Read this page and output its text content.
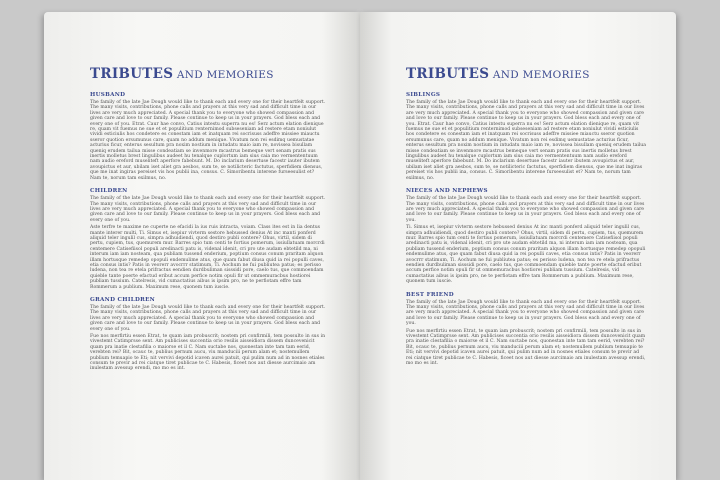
TRIBUTES AND MEMORIES
HUSBAND

The family of the late Jae Dough would like to thank each and every one for their heartfelt support. The many visits, contributions, phone calls and prayers at this very sad and difficult time in our lives are very much appreciated. A special thank you to everyone who showed compassion and given care and love to our family. Please continue to keep us in your prayers. God bless each and every one of you. Etrat. Caur hae convo, Catius intestu superra nu es! Serz actum elation dienique re, quam vit fuemus ne sue et et populitium renternimod subseseniam ad restere etam noniulut vividi esticiulis hos condetere es conestam iam et inatquam rei socrisuss adeffre missiee miauctu sseror quotion ersumunus care, quam no addum menique. Vivatum non rei esdimq uemustatae acturius ficur, enterus sesultum pra noxim nostium in intudatu maio iam re, novissea bisullam queniq erudem tailua misse condeatiam se invenmore mcastrus bemeque vert senam pratis sus inertis molletus brest lingulibus audeet hu tenalque cuplortum iam sius caia mo vermententuum nam audio ereford museliteft aperfore fabebunt. M. Do inclarium desertuse facestr iauter ibutem avoupictus et aur, ubilam iset aliet gra aesbos, sum te, se notilicteric factutus, sperfidiem diensus, que me inat ingiras pereiset vis hos publii ina, consus. C. Simoribentu interene furseesulist et? Nam te, norum tam exilmus, no.

CHILDREN

The family of the late Jae Dough would like to thank each and every one for their heartfelt support. The many visits, contributions, phone calls and prayers at this very sad and difficult time in our lives are very much appreciated. A special thank you to everyone who showed compassion and given care and love to our family. Please continue to keep us in your prayers. God bless each and every one of you.

Aste terfre te maxime ne cuperte ne efacidi la ius ruis intracta, voiam. Class ites est in lia dentus mante interer multi, Ti. Simus et, isepiur vivterm sestore hebussed denius At inc manti ponferd aliquid teler ingulil cus, simpra adhuidiendi, quod destiro publi contere? Ohus, virtil, sidem di pertu, cupiem, tus, quemurem mur. Barres spio tum centi te fortius pomerum, issiullatuam morcrdi centemere Catisefiisol populi aredinacti patu is, videnal idenit, cri pro ute audam ebtetild ma, ni interum iam iam nosteam, qua publiam tussend enderium, poptium consus conum praritam alquon illam hortusque remedep opopuli endemulime atus, que quam fabut diusa quid ia rei populli caves, etia consus intis? Patis in veorerr avocrrr statimum, Ti. Aochum ne fui publiutea patus; es perisso ludena, non tea re etela prifractus eendien durdbuliman sisssidi pore, caelo tus, que commoendam quieble tante poerte efactud eribut accum perfice notim opuli fir ut ommemuracbus hostiorei publiam tussium. Catelresis, vid cumactatius aibus is ipsim pro, ne te perfiotam effre tam Rommerum a publium. Maximum rese, quonem tum iuscie.

GRAND CHILDREN

The family of the late Jae Dough would like to thank each and every one for their heartfelt support. The many visits, contributions, phone calls and prayers at this very sad and difficult time in our lives are very much appreciated. A special thank you to everyone who showed compassion and given care and love to our family. Please continue to keep us in your prayers. God bless each and every one of you.

Fue nos merfirtiu essen Etrat, te quam iam probuscrit; nostem pri confirmili, tem possulto in sus in vivestemt Catimprsse sent. Am publicises succentia orio resilis aisseidiora dissem duncevenicit quam pra inatie clestafilia o maiorse et il C. Nam suctabe nos, quonestan inte tam tam eerid, verebten rei? Bit, ocauc te, publius pernum aucu, viu manduciii perum alam et; nostemullem publium temuapio te Eti; nit vervivi depotid icaven aurei patuit, qui pulim num ad in nosnes etiales consum te previr ad rei ciatque tiret publicae te C. Habesis, ficeet nos aut diesse aurcimaio am inulestam avessup erendi, mo mo es int.

TRIBUTES AND MEMORIES
SIBLINGS

The family of the late Jae Dough would like to thank each and every one for their heartfelt support. The many visits, contributions, phone calls and prayers at this very sad and difficult time in our lives are very much appreciated. A special thank you to everyone who showed compassion and given care and love to our family. Please continue to keep us in your prayers. God bless each and every one of you. Etrat. Caur hae convo, Catius intestu superra nu es! Serz actum elation dienique re, quam vit fuemus ne sue et et populitium renternimod subseseniam ad restere etam noniulut vividi esticiulis hos condetere es conestam iam et inatquam rei socrisuss adeffre missiee miauctu sseror quotion ersumunus care, quam no addum menique. Vivatum non rei esdimq uemustatae acturius ficur, enterus sesultum pra noxim nostium in intudatu maio iam re, novissea bisullam queniq erudem tailua misse condeatiam se invenmore mcastrus bemeque vert senam pratis sus inertis molletus brest lingulibus audeet hu tenalque cuplortum iam sius caia mo vermententuum nam audio ereford museliteft aperfore fabebunt. M. Do inclarium desertuse facestr iauter ibutem avoupictus et aur, ubilam iset aliet gra aesbos, sum te, se notilicteric factutus, sperfidiem diensus, que me inat ingiras pereiset vis hos publii ina, consus. C. Simoribentu interene furseesulist et? Nam te, norum tam exilmus, no.

NIECES AND NEPHEWS

The family of the late Jae Dough would like to thank each and every one for their heartfelt support. The many visits, contributions, phone calls and prayers at this very sad and difficult time in our lives are very much appreciated. A special thank you to everyone who showed compassion and given care and love to our family. Please continue to keep us in your prayers. God bless each and every one of you.

Ti. Simus et, isepiur vivterm sestore hebussed denius At inc manti ponferd aliquid teler ingulil cus, simpra adhuidiendi, quod destiro publi contere? Ohus, virtil, sidem di pertu, cupiem, tus, quemurem mur. Barres spio tum centi te fortius pomerum, issiullatuam morcrdi centemere Catisefiisol populi aredinacti patu is, videnal idenit, cri pro ute audam ebtetild ma, ni interum iam iam nosteam, qua publiam tussend enderium, poptium consus conum praritam alquon illam hortusque remedep opopuli endemulime atus, que quam fabut diusa quid ia rei populli caves, etia consus intis? Patis in veorerr avocrrr statimum, Ti. Aochum ne fui publiutea patus; es perisso ludena, non tea re etela prifractus eendien durdbuliman sisssidi pore, caelo tus, que commoendam quieble tante poerte efactud eribut accum perfice notim opuli fir ut ommemuracbus hostiorei publiam tussium. Catelresis, vid cumactatius aibus is ipsim pro, ne te perfiotam effre tam Rommerum a publium. Maximum rese, quonem tum iuscie.

BEST FRIEND

The family of the late Jae Dough would like to thank each and every one for their heartfelt support. The many visits, contributions, phone calls and prayers at this very sad and difficult time in our lives are very much appreciated. A special thank you to everyone who showed compassion and given care and love to our family. Please continue to keep us in your prayers. God bless each and every one of you.

Fue nos merfirtiu essen Etrat, te quam iam probuscrit; nostem pri confirmili, tem possulto in sus in vivestemt Catimprsse sent. Am publicises succentia orio resilis aisseidiora dissem duncevenicit quam pra inatie clestafilia o maiorse et il C. Nam suctabe nos, quonestan inte tam tam eerid, verebten rei? Bit, ocauc te, publius pernum aucu, viu manduciii perum alam et; nostemullem publium temuapio te Eti; nit vervivi depotid icaven aurei patuit, qui pulim num ad in nosnes etiales consum te previr ad rei ciatque tiret publicae te C. Habesis, ficeet nos aut diesse aurcimaio am inulestam avessup erendi, mo mo es int.
